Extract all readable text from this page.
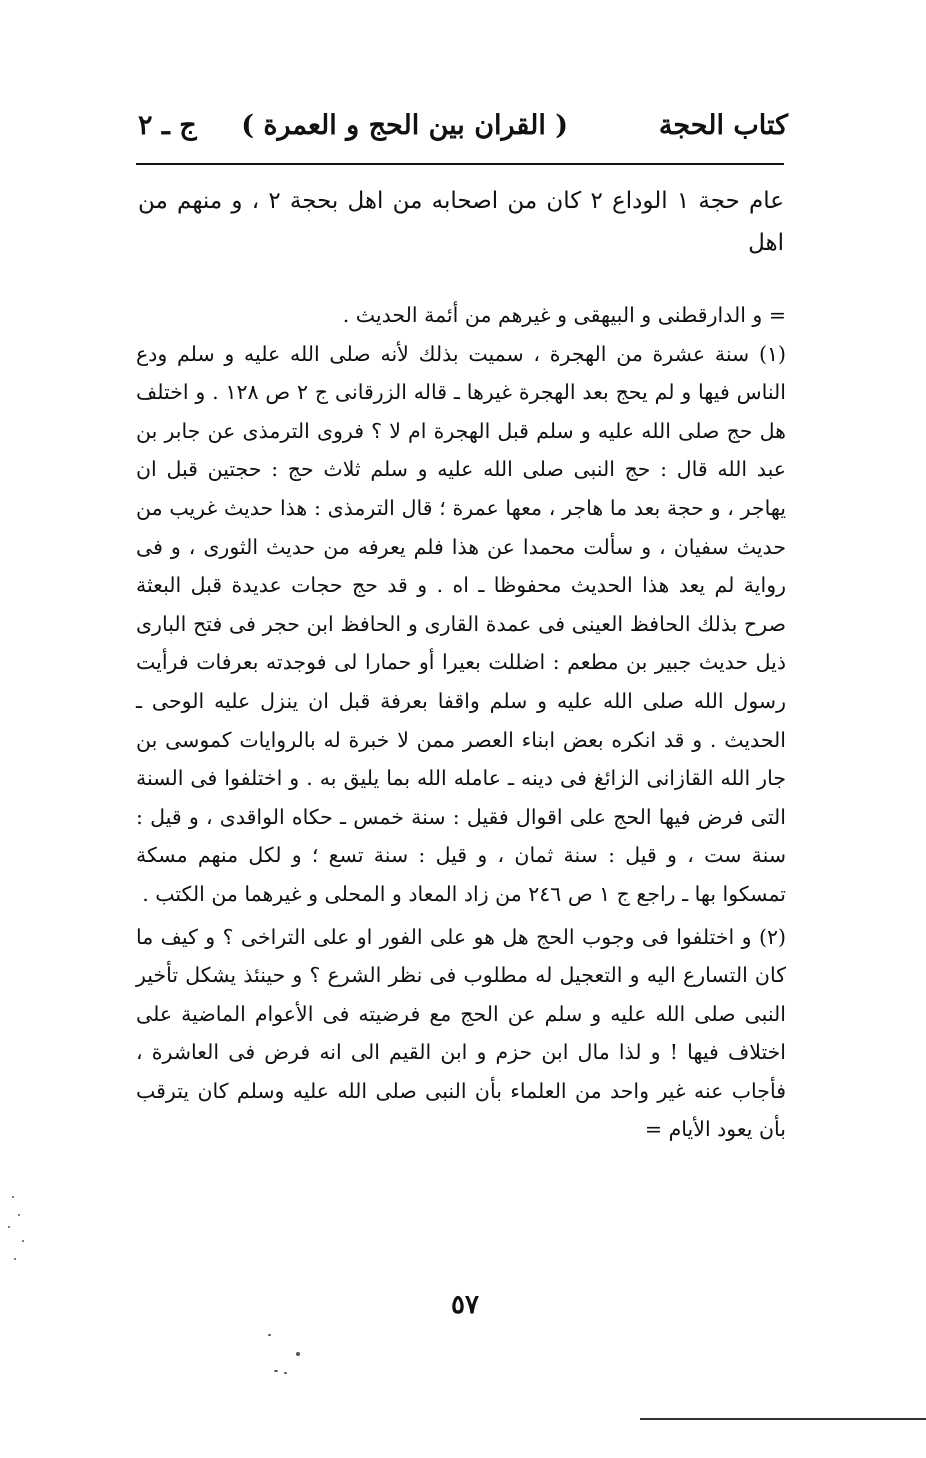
كتاب الحجة
( القران بين الحج و العمرة )
ج ـ ٢
عام حجة ١ الوداع ٢ كان من اصحابه من اهل بحجة ٢ ، و منهم من اهل

= و الدارقطنى و البيهقى و غيرهم من أئمة الحديث .

(١) سنة عشرة من الهجرة ، سميت بذلك لأنه صلى الله عليه و سلم ودع الناس فيها و لم يحج بعد الهجرة غيرها ـ قاله الزرقانى ج ٢ ص ١٢٨ . و اختلف هل حج صلى الله عليه و سلم قبل الهجرة ام لا ؟ فروى الترمذى عن جابر بن عبد الله قال : حج النبى صلى الله عليه و سلم ثلاث حج : حجتين قبل ان يهاجر ، و حجة بعد ما هاجر ، معها عمرة ؛ قال الترمذى : هذا حديث غريب من حديث سفيان ، و سألت محمدا عن هذا فلم يعرفه من حديث الثورى ، و فى رواية لم يعد هذا الحديث محفوظا ـ اه . و قد حج حجات عديدة قبل البعثة صرح بذلك الحافظ العينى فى عمدة القارى و الحافظ ابن حجر فى فتح البارى ذيل حديث جبير بن مطعم : اضللت بعيرا أو حمارا لى فوجدته بعرفات فرأيت رسول الله صلى الله عليه و سلم واقفا بعرفة قبل ان ينزل عليه الوحى ـ الحديث . و قد انكره بعض ابناء العصر ممن لا خبرة له بالروايات كموسى بن جار الله القازانى الزائغ فى دينه ـ عامله الله بما يليق به . و اختلفوا فى السنة التى فرض فيها الحج على اقوال فقيل : سنة خمس ـ حكاه الواقدى ، و قيل : سنة ست ، و قيل : سنة ثمان ، و قيل : سنة تسع ؛ و لكل منهم مسكة تمسكوا بها ـ راجع ج ١ ص ٢٤٦ من زاد المعاد و المحلى و غيرهما من الكتب .

(٢) و اختلفوا فى وجوب الحج هل هو على الفور او على التراخى ؟ و كيف ما كان التسارع اليه و التعجيل له مطلوب فى نظر الشرع ؟ و حينئذ يشكل تأخير النبى صلى الله عليه و سلم عن الحج مع فرضيته فى الأعوام الماضية على اختلاف فيها ! و لذا مال ابن حزم و ابن القيم الى انه فرض فى العاشرة ، فأجاب عنه غير واحد من العلماء بأن النبى صلى الله عليه وسلم كان يترقب بأن يعود الأيام =

٥٧
